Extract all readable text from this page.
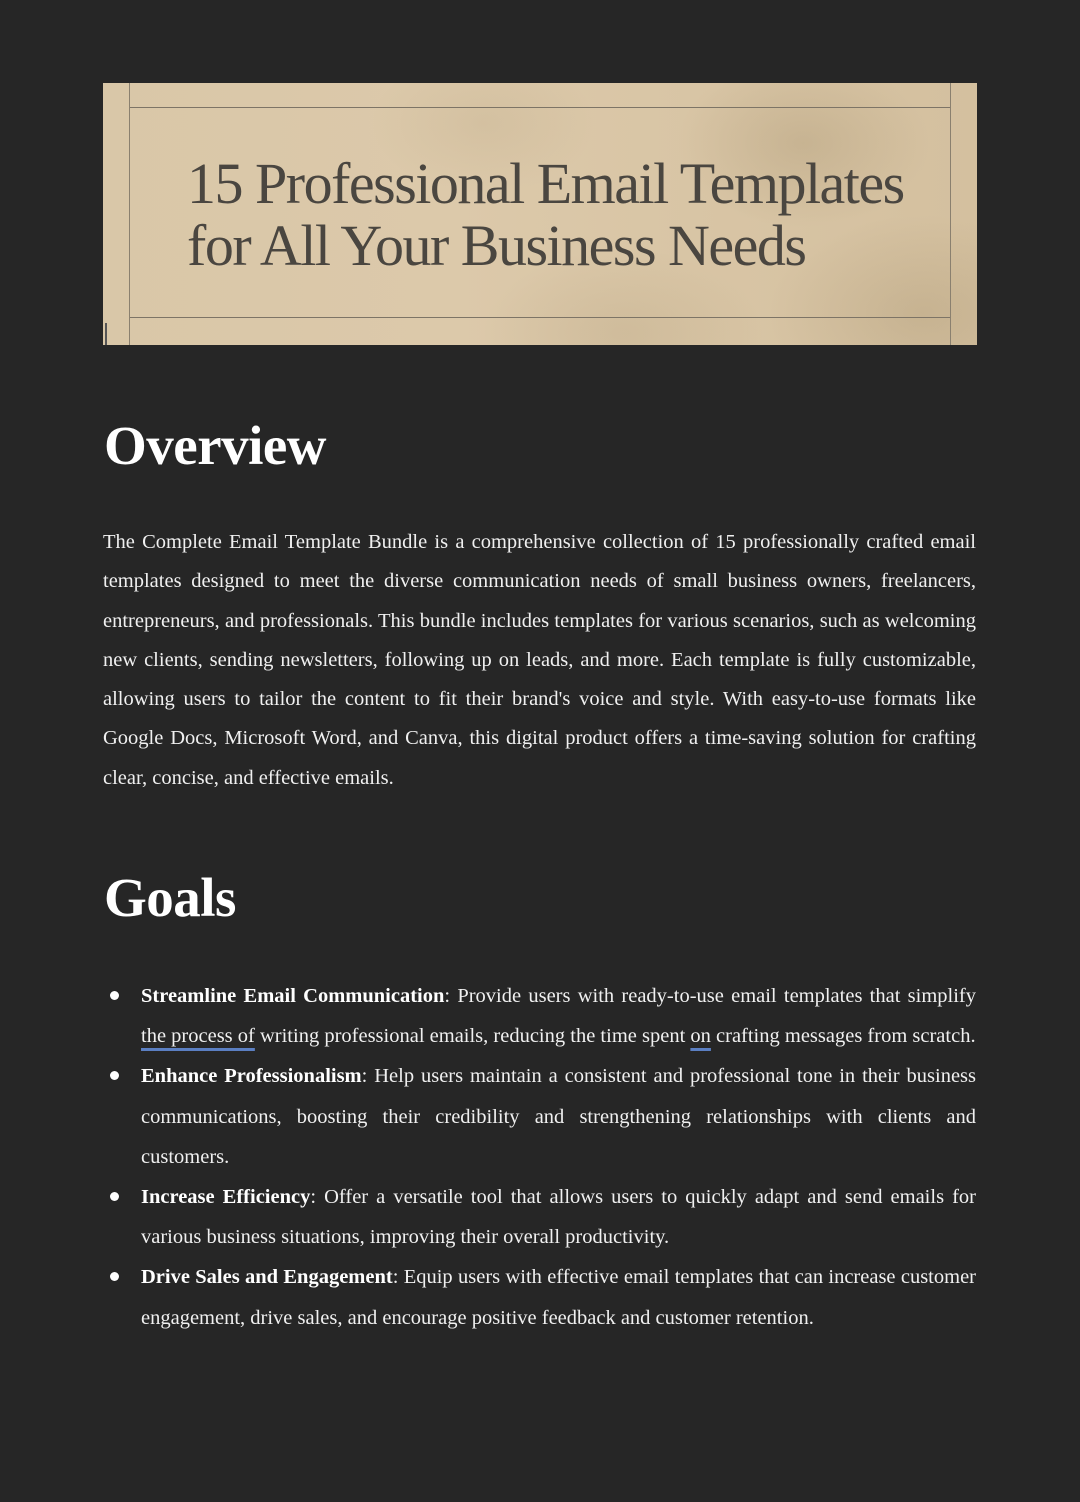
15 Professional Email Templates
for All Your Business Needs
Overview

The Complete Email Template Bundle is a comprehensive collection of 15 professionally crafted email templates designed to meet the diverse communication needs of small business owners, freelancers, entrepreneurs, and professionals. This bundle includes templates for various scenarios, such as welcoming new clients, sending newsletters, following up on leads, and more. Each template is fully customizable, allowing users to tailor the content to fit their brand's voice and style. With easy-to-use formats like Google Docs, Microsoft Word, and Canva, this digital product offers a time-saving solution for crafting clear, concise, and effective emails.

Goals
Streamline Email Communication: Provide users with ready-to-use email templates that simplify the process of writing professional emails, reducing the time spent on crafting messages from scratch.
Enhance Professionalism: Help users maintain a consistent and professional tone in their business communications, boosting their credibility and strengthening relationships with clients and customers.
Increase Efficiency: Offer a versatile tool that allows users to quickly adapt and send emails for various business situations, improving their overall productivity.
Drive Sales and Engagement: Equip users with effective email templates that can increase customer engagement, drive sales, and encourage positive feedback and customer retention.
